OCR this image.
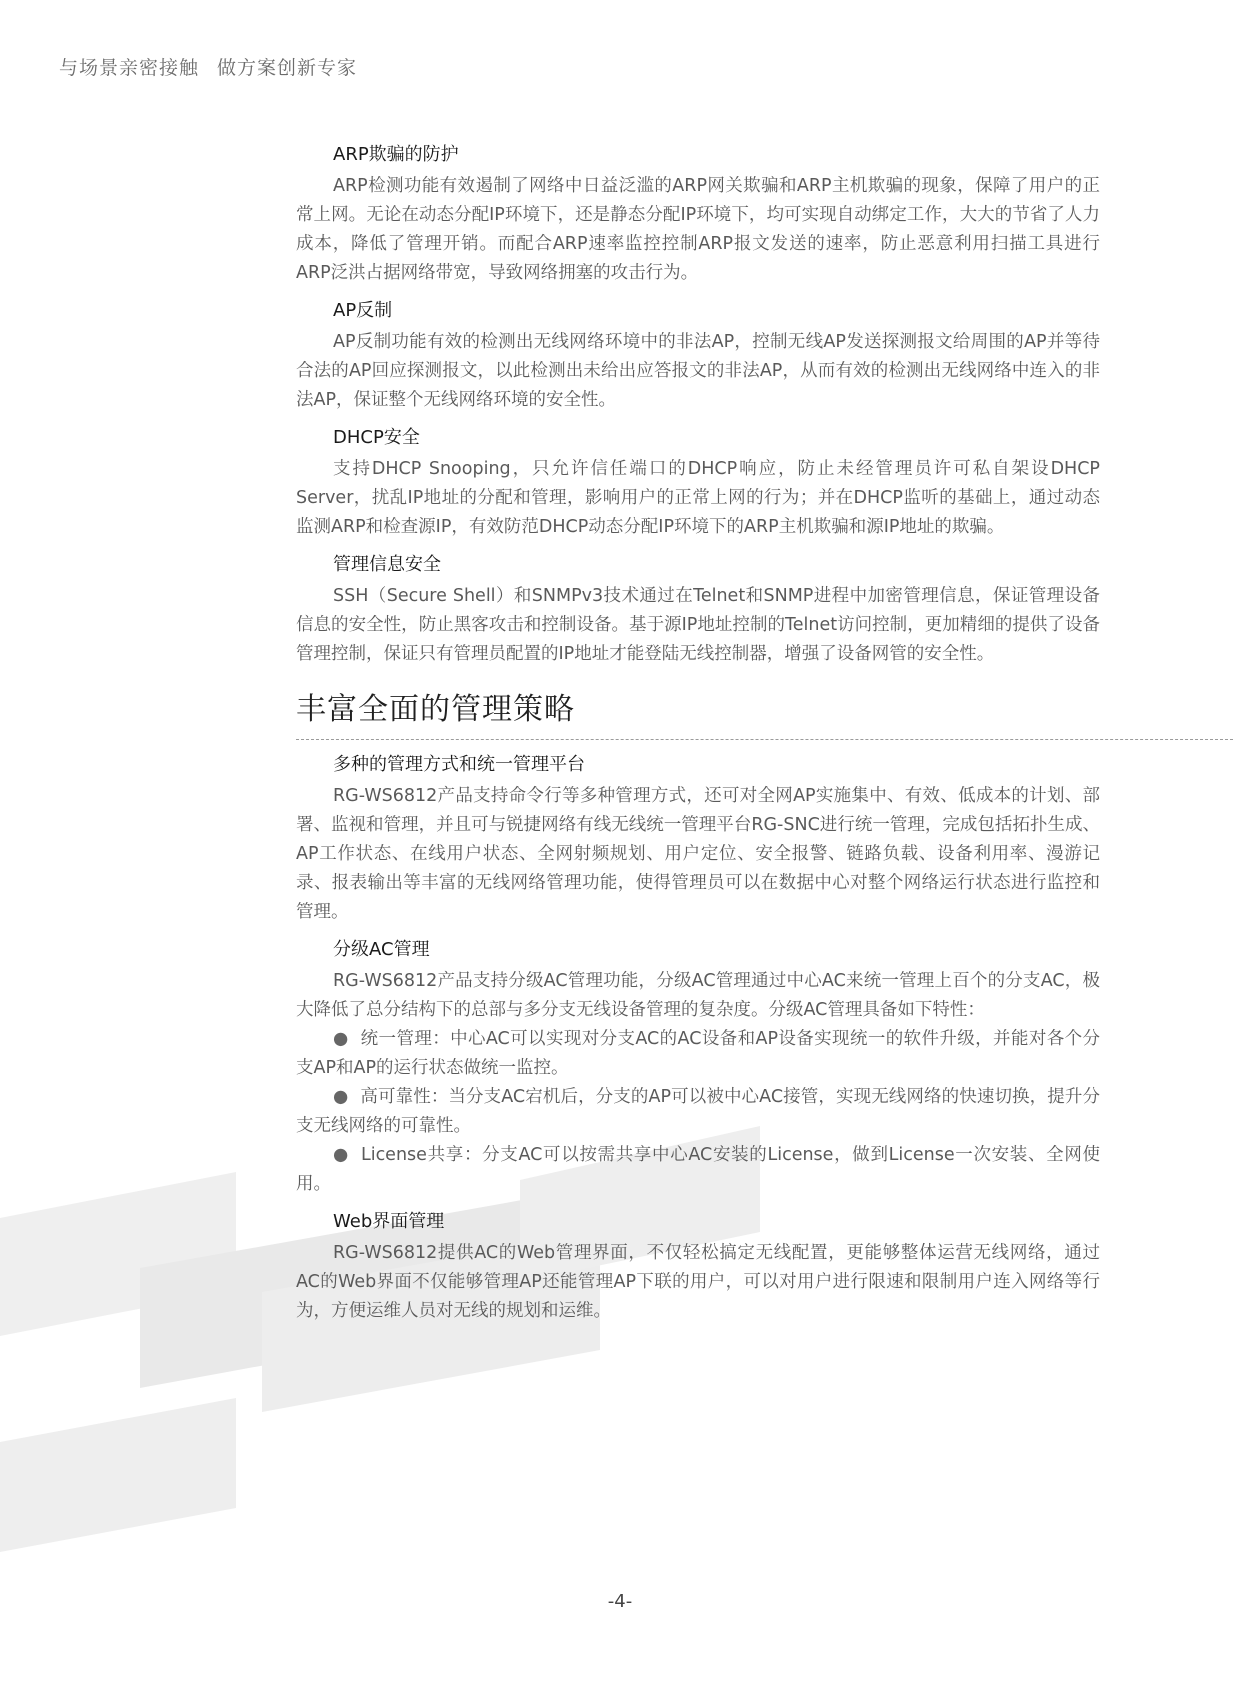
与场景亲密接触 做方案创新专家
ARP欺骗的防护

ARP检测功能有效遏制了网络中日益泛滥的ARP网关欺骗和ARP主机欺骗的现象，保障了用户的正常上网。无论在动态分配IP环境下，还是静态分配IP环境下，均可实现自动绑定工作，大大的节省了人力成本，降低了管理开销。而配合ARP速率监控控制ARP报文发送的速率，防止恶意利用扫描工具进行ARP泛洪占据网络带宽，导致网络拥塞的攻击行为。

AP反制

AP反制功能有效的检测出无线网络环境中的非法AP，控制无线AP发送探测报文给周围的AP并等待合法的AP回应探测报文，以此检测出未给出应答报文的非法AP，从而有效的检测出无线网络中连入的非法AP，保证整个无线网络环境的安全性。

DHCP安全

支持DHCP Snooping，只允许信任端口的DHCP响应，防止未经管理员许可私自架设DHCP Server，扰乱IP地址的分配和管理，影响用户的正常上网的行为；并在DHCP监听的基础上，通过动态监测ARP和检查源IP，有效防范DHCP动态分配IP环境下的ARP主机欺骗和源IP地址的欺骗。

管理信息安全

SSH（Secure Shell）和SNMPv3技术通过在Telnet和SNMP进程中加密管理信息，保证管理设备信息的安全性，防止黑客攻击和控制设备。基于源IP地址控制的Telnet访问控制，更加精细的提供了设备管理控制，保证只有管理员配置的IP地址才能登陆无线控制器，增强了设备网管的安全性。

丰富全面的管理策略
多种的管理方式和统一管理平台

RG-WS6812产品支持命令行等多种管理方式，还可对全网AP实施集中、有效、低成本的计划、部署、监视和管理，并且可与锐捷网络有线无线统一管理平台RG-SNC进行统一管理，完成包括拓扑生成、AP工作状态、在线用户状态、全网射频规划、用户定位、安全报警、链路负载、设备利用率、漫游记录、报表输出等丰富的无线网络管理功能，使得管理员可以在数据中心对整个网络运行状态进行监控和管理。

分级AC管理

RG-WS6812产品支持分级AC管理功能，分级AC管理通过中心AC来统一管理上百个的分支AC，极大降低了总分结构下的总部与多分支无线设备管理的复杂度。分级AC管理具备如下特性：

● 统一管理：中心AC可以实现对分支AC的AC设备和AP设备实现统一的软件升级，并能对各个分支AP和AP的运行状态做统一监控。
● 高可靠性：当分支AC宕机后，分支的AP可以被中心AC接管，实现无线网络的快速切换，提升分支无线网络的可靠性。
● License共享：分支AC可以按需共享中心AC安装的License，做到License一次安装、全网使用。
Web界面管理

RG-WS6812提供AC的Web管理界面，不仅轻松搞定无线配置，更能够整体运营无线网络，通过AC的Web界面不仅能够管理AP还能管理AP下联的用户，可以对用户进行限速和限制用户连入网络等行为，方便运维人员对无线的规划和运维。

-4-
